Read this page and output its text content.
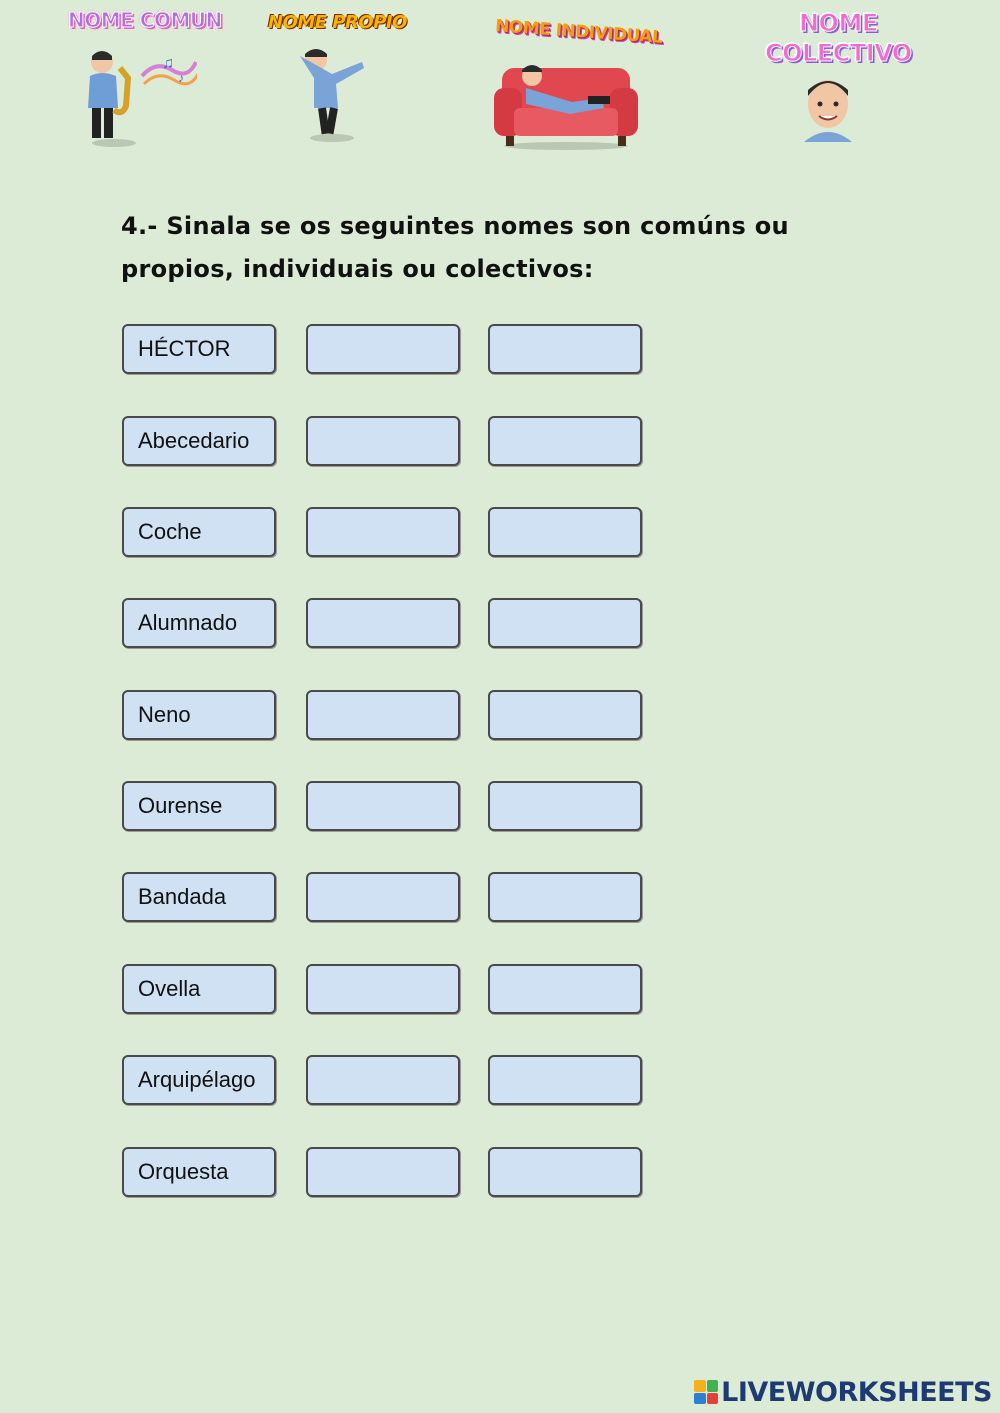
NOME COMUN	NOME PROPIO	NOME INDIVIDUAL	NOME
COLECTIVO
♫
♪
4.- Sinala se os seguintes nomes son comúns ou propios, individuais ou colectivos:
HÉCTOR
Abecedario
Coche
Alumnado
Neno
Ourense
Bandada
Ovella
Arquipélago
Orquesta
LIVEWORKSHEETS
